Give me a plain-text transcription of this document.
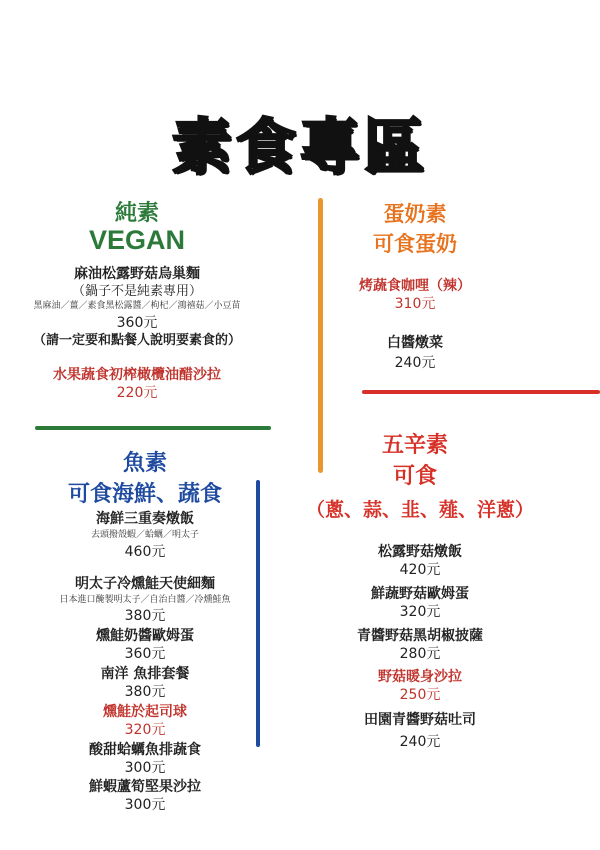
素食專區
純素
VEGAN
麻油松露野菇烏巢麵
（鍋子不是純素專用）
黑麻油／薑／素食黑松露醬／枸杞／鴻禧菇／小豆苗
360元
（請一定要和點餐人說明要素食的）
水果蔬食初榨橄欖油醋沙拉
220元
蛋奶素
可食蛋奶
烤蔬食咖哩（辣）
310元
白醬燉菜
240元
魚素
可食海鮮、蔬食
海鮮三重奏燉飯
去頭撥殼蝦／蛤蠣／明太子
460元
明太子冷燻鮭天使細麵
日本進口醃製明太子／自治白醬／冷燻鮭魚
380元
燻鮭奶醬歐姆蛋
360元
南洋 魚排套餐
380元
燻鮭於起司球
320元
酸甜蛤蠣魚排蔬食
300元
鮮蝦蘆筍堅果沙拉
300元
五辛素
可食
（蔥、蒜、韭、薤、洋蔥）
松露野菇燉飯
420元
鮮蔬野菇歐姆蛋
320元
青醬野菇黑胡椒披薩
280元
野菇暖身沙拉
250元
田園青醬野菇吐司
240元
